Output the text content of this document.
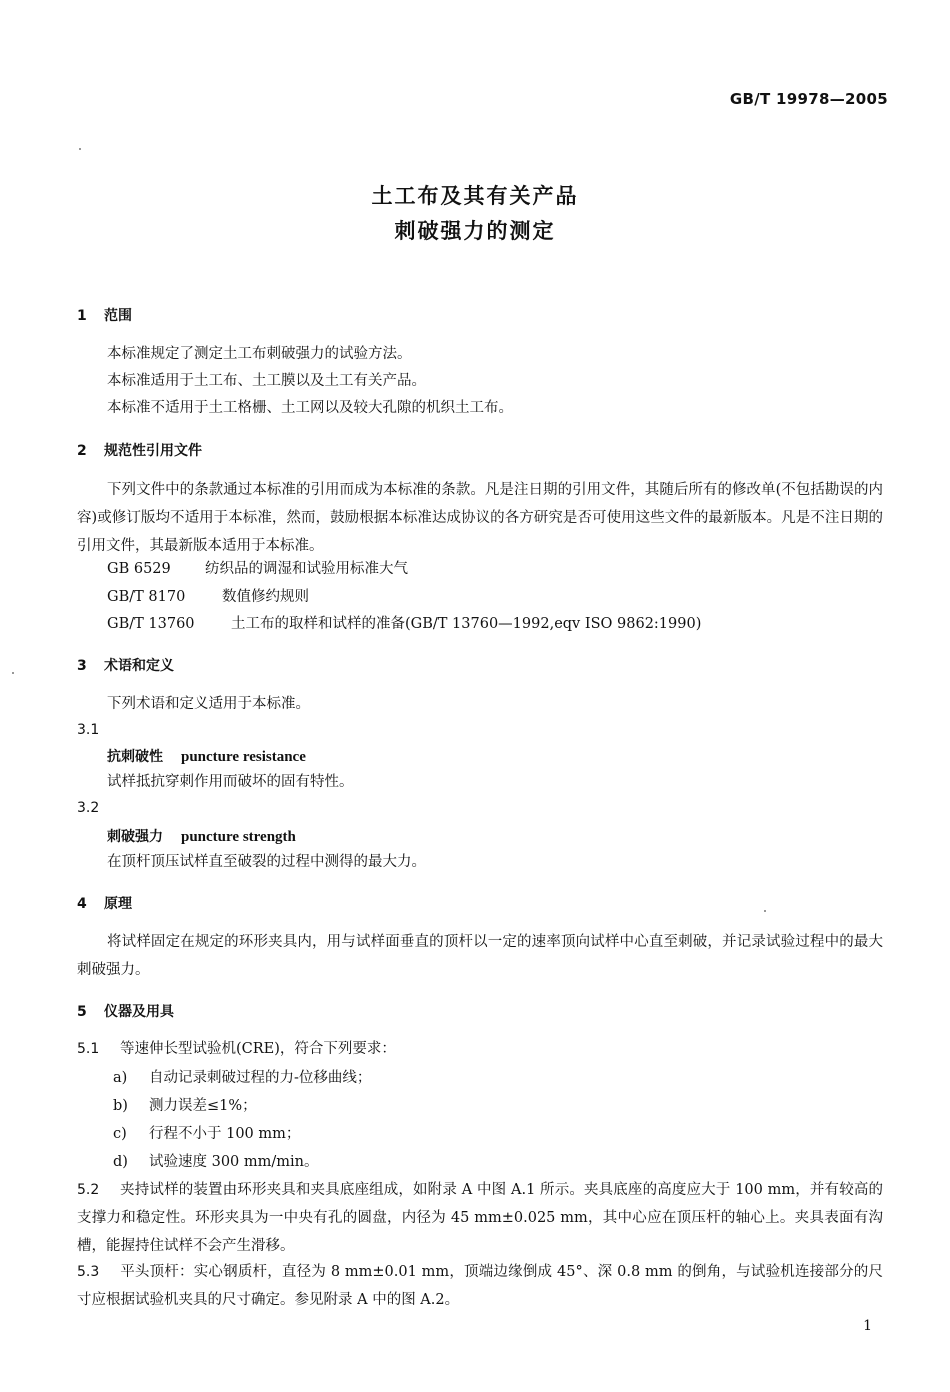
GB/T 19978—2005
土工布及其有关产品
刺破强力的测定
1 范围
本标准规定了测定土工布刺破强力的试验方法。
本标准适用于土工布、土工膜以及土工有关产品。
本标准不适用于土工格栅、土工网以及较大孔隙的机织土工布。
2 规范性引用文件
下列文件中的条款通过本标准的引用而成为本标准的条款。凡是注日期的引用文件，其随后所有的修改单(不包括勘误的内容)或修订版均不适用于本标准，然而，鼓励根据本标准达成协议的各方研究是否可使用这些文件的最新版本。凡是不注日期的引用文件，其最新版本适用于本标准。
GB 6529 纺织品的调湿和试验用标准大气
GB/T 8170	数值修约规则
GB/T 13760	土工布的取样和试样的准备(GB/T 13760—1992,eqv ISO 9862:1990)
3 术语和定义
下列术语和定义适用于本标准。
3.1
抗刺破性 puncture resistance
试样抵抗穿刺作用而破坏的固有特性。
3.2
刺破强力 puncture strength
在顶杆顶压试样直至破裂的过程中测得的最大力。
4 原理
将试样固定在规定的环形夹具内，用与试样面垂直的顶杆以一定的速率顶向试样中心直至刺破，并记录试验过程中的最大刺破强力。
5 仪器及用具
5.1 等速伸长型试验机(CRE)，符合下列要求：
a) 自动记录刺破过程的力-位移曲线；
b) 测力误差≤1%；
c) 行程不小于 100 mm；
d) 试验速度 300 mm/min。
5.2 夹持试样的装置由环形夹具和夹具底座组成，如附录 A 中图 A.1 所示。夹具底座的高度应大于 100 mm，并有较高的支撑力和稳定性。环形夹具为一中央有孔的圆盘，内径为 45 mm±0.025 mm，其中心应在顶压杆的轴心上。夹具表面有沟槽，能握持住试样不会产生滑移。
5.3 平头顶杆：实心钢质杆，直径为 8 mm±0.01 mm，顶端边缘倒成 45°、深 0.8 mm 的倒角，与试验机连接部分的尺寸应根据试验机夹具的尺寸确定。参见附录 A 中的图 A.2。
1
